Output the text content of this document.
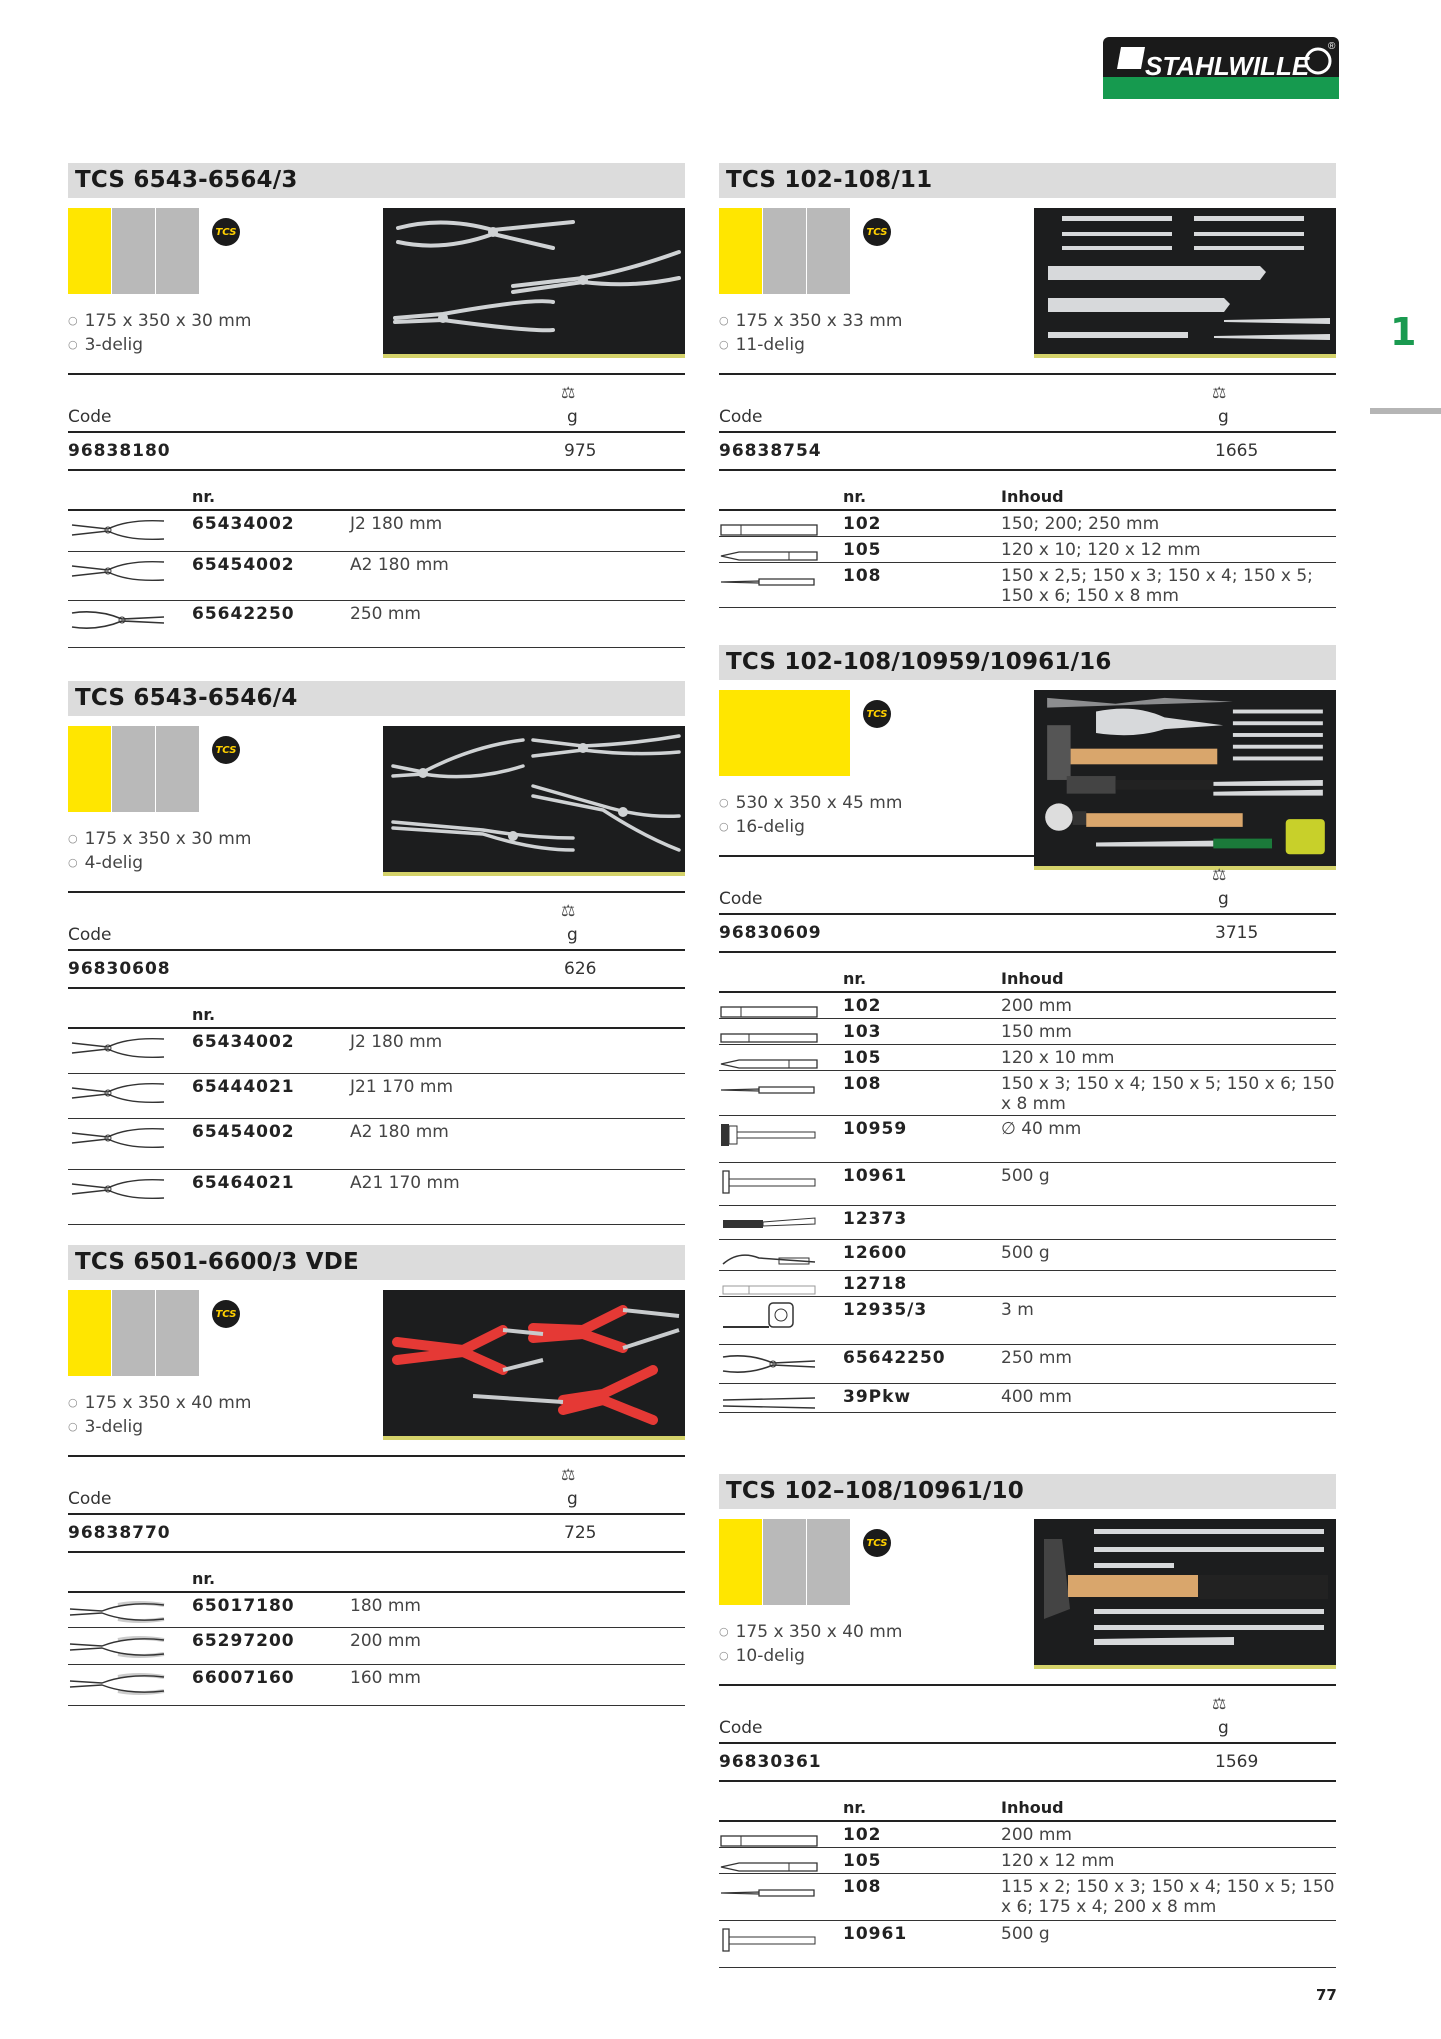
STAHLWILLE
®
1
TCS 6543-6564/3
TCS
○ 175 x 350 x 30 mm
○ 3-delig
Code
⚖
g
96838180	975
nr.
65434002	J2 180 mm
65454002	A2 180 mm
65642250	250 mm
TCS 6543-6546/4
TCS
○ 175 x 350 x 30 mm
○ 4-delig
Code
⚖
g
96830608	626
nr.
65434002	J2 180 mm
65444021	J21 170 mm
65454002	A2 180 mm
65464021	A21 170 mm
TCS 6501-6600/3 VDE
TCS
○ 175 x 350 x 40 mm
○ 3-delig
Code
⚖
g
96838770	725
nr.
65017180	180 mm
65297200	200 mm
66007160	160 mm
TCS 102-108/11
TCS
○ 175 x 350 x 33 mm
○ 11-delig
Code
⚖
g
96838754	1665
nr.	Inhoud
102	150; 200; 250 mm
105	120 x 10; 120 x 12 mm
108	150 x 2,5; 150 x 3; 150 x 4; 150 x 5; 150 x 6; 150 x 8 mm
TCS 102-108/10959/10961/16
TCS
○ 530 x 350 x 45 mm
○ 16-delig
Code
⚖
g
96830609	3715
nr.	Inhoud
102	200 mm
103	150 mm
105	120 x 10 mm
108	150 x 3; 150 x 4; 150 x 5; 150 x 6; 150 x 8 mm
10959	∅ 40 mm
10961	500 g
12373
12600	500 g
12718
12935/3	3 m
65642250	250 mm
39Pkw	400 mm
TCS 102–108/10961/10
TCS
○ 175 x 350 x 40 mm
○ 10-delig
Code
⚖
g
96830361	1569
nr.	Inhoud
102	200 mm
105	120 x 12 mm
108	115 x 2; 150 x 3; 150 x 4; 150 x 5; 150 x 6; 175 x 4; 200 x 8 mm
10961	500 g
77
